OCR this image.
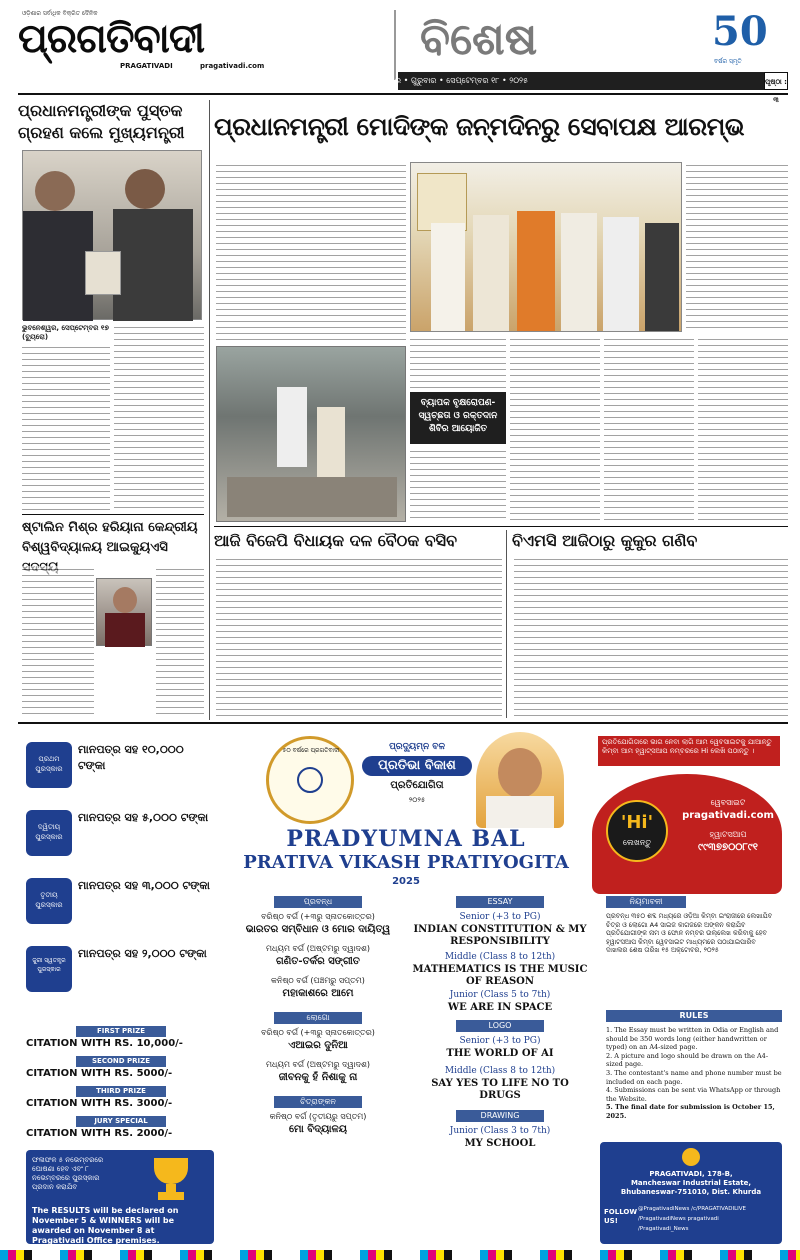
ଓଡ଼ିଶାର ସର୍ବାଧିକ ବିକ୍ରିତ ଦୈନିକ
ପ୍ରଗତିବାଦୀ
PRAGATIVADI	pragativadi.com
ବିଶେଷ	50
ବର୍ଷର ସ୍ମୃତି
ଭୁବନେଶ୍ୱର • ଗୁରୁବାର • ସେପ୍ଟେମ୍ବର ୧୮ • ୨୦୨୫	ପୃଷ୍ଠା : ୩
ପ୍ରଧାନମନ୍ତ୍ରୀଙ୍କ ପୁସ୍ତକ ଗ୍ରହଣ କଲେ ମୁଖ୍ୟମନ୍ତ୍ରୀ
ଭୁବନେଶ୍ୱର, ସେପ୍ଟେମ୍ବର ୧୭ (ବ୍ୟୁରୋ)
ଷ୍ଟାଲିନ ମିଶ୍ର ହରିୟାନା କେନ୍ଦ୍ରୀୟ ବିଶ୍ୱବିଦ୍ୟାଳୟ ଆଇକ୍ୟୁଏସି
ପ୍ରଧାନମନ୍ତ୍ରୀ ମୋଦିଙ୍କ ଜନ୍ମଦିନରୁ ସେବାପକ୍ଷ ଆରମ୍ଭ
ବ୍ୟାପକ ବୃକ୍ଷରୋପଣ-ସ୍ୱଚ୍ଛତା ଓ ରକ୍ତଦାନ ଶିବିର ଆୟୋଜିତ
ଆଜି ବିଜେପି ବିଧାୟକ ଦଳ ବୈଠକ ବସିବ	ବିଏମସି ଆଜିଠାରୁ କୁକୁର ଗଣିବ
ପ୍ରଥମ ପୁରସ୍କାର
ମାନପତ୍ର ସହ ୧୦,୦୦୦ ଟଙ୍କା
ଦ୍ୱିତୀୟ ପୁରସ୍କାର
ମାନପତ୍ର ସହ ୫,୦୦୦ ଟଙ୍କା
ତୃତୀୟ ପୁରସ୍କାର
ମାନପତ୍ର ସହ ୩,୦୦୦ ଟଙ୍କା
ଜୁରୀ ସ୍ୱତନ୍ତ୍ର ପୁରସ୍କାର
ମାନପତ୍ର ସହ ୨,୦୦୦ ଟଙ୍କା
FIRST PRIZE
CITATION WITH RS. 10,000/-
SECOND PRIZE
CITATION WITH RS. 5000/-
THIRD PRIZE
CITATION WITH RS. 3000/-
JURY SPECIAL
CITATION WITH RS. 2000/-
ଫଳାଫଳ ୫ ନଭେମ୍ବରରେ ଘୋଷଣା ହେବ ଏବଂ ୮ ନଭେମ୍ବରରେ ପୁରସ୍କାର ପ୍ରଦାନ କରାଯିବ
The RESULTS will be declared on November 5 & WINNERS will be awarded on November 8 at Pragativadi Office premises.
୫୦ ବର୍ଷରେ ପ୍ରଗତିବାଦୀ	ପ୍ରଦ୍ୟୁମ୍ନ ବଳ
ପ୍ରତିଭା ବିକାଶ
ପ୍ରତିଯୋଗିତା
୨୦୨୫
PRADYUMNA BAL
PRATIVA VIKASH PRATIYOGITA
2025
ପ୍ରବନ୍ଧ
ବରିଷ୍ଠ ବର୍ଗ (+୩ରୁ ସ୍ନାତକୋତ୍ତର)
ଭାରତର ସମ୍ବିଧାନ ଓ ମୋର ଦାୟିତ୍ୱ
ମଧ୍ୟମ ବର୍ଗ (ଅଷ୍ଟମରୁ ଦ୍ୱାଦଶ)
ଗଣିତ-ତର୍କର ସଙ୍ଗୀତ
କନିଷ୍ଠ ବର୍ଗ (ପଞ୍ଚମରୁ ସପ୍ତମ)
ମହାକାଶରେ ଆମେ
ଲୋଗୋ
ବରିଷ୍ଠ ବର୍ଗ (+୩ରୁ ସ୍ନାତକୋତ୍ତର)
ଏଆଇର ଦୁନିଆ
ମଧ୍ୟମ ବର୍ଗ (ଅଷ୍ଟମରୁ ଦ୍ୱାଦଶ)
ଜୀବନକୁ ହଁ ନିଶାକୁ ନା
ଚିତ୍ରାଙ୍କନ
କନିଷ୍ଠ ବର୍ଗ (ତୃତୀୟରୁ ସପ୍ତମ)
ମୋ ବିଦ୍ୟାଳୟ
ESSAY
Senior (+3 to PG)
INDIAN CONSTITUTION & MY RESPONSIBILITY
Middle (Class 8 to 12th)
MATHEMATICS IS THE MUSIC OF REASON
Junior (Class 5 to 7th)
WE ARE IN SPACE
LOGO
Senior (+3 to PG)
THE WORLD OF AI
Middle (Class 8 to 12th)
SAY YES TO LIFE NO TO DRUGS
DRAWING
Junior (Class 3 to 7th)
MY SCHOOL
ପ୍ରତିଯୋଗିତାରେ ଭାଗ ନେବା ଲାଗି ଆମ ୱେବସାଇଟକୁ ଯାଆନ୍ତୁ କିମ୍ବା ଆମ ହ୍ୱାଟ୍ସଆପ ନମ୍ବରରେ Hi ଲେଖି ପଠାନ୍ତୁ ।
'Hi'
ଲେଖନ୍ତୁ
ୱେବସାଇଟ
pragativadi.com
ହ୍ୱାଟସଆପ
୯୯୩୭୭୦୦୮୯୧
ନିୟମାବଳୀ
ପ୍ରବନ୍ଧ ୩୫୦ ଶବ୍ଦ ମଧ୍ୟରେ ଓଡ଼ିଆ କିମ୍ବା ଇଂରାଜୀରେ ଲେଖାଯିବ
ଚିତ୍ର ଓ ଲୋଗୋ A4 ସାଇଜ କାଗଜରେ ଅଙ୍କନ କରାଯିବ
ପ୍ରତିଯୋଗୀଙ୍କ ନାମ ଓ ଫୋନ ନମ୍ବର ଉଲ୍ଲେଖ କରିବାକୁ ହେବ
ହ୍ୱାଟସଆପ କିମ୍ବା ୱେବସାଇଟ ମାଧ୍ୟମରେ ପଠାଯାଇପାରିବ
ଦାଖଲର ଶେଷ ତାରିଖ ୧୫ ଅକ୍ଟୋବର, ୨୦୨୫
RULES
1. The Essay must be written in Odia or English and should be 350 words long (either handwritten or typed) on an A4-sized page.
2. A picture and logo should be drawn on the A4-sized page.
3. The contestant's name and phone number must be included on each page.
4. Submissions can be sent via WhatsApp or through the Website.
5. The final date for submission is October 15, 2025.
PRAGATIVADI, 178-B,
Mancheswar Industrial Estate,
Bhubaneswar-751010, Dist. Khurda
FOLLOW US!
@PragativadiNews /c/PRAGATIVADILIVE
/PragativadiNews pragativadi
/Pragativadi_News
